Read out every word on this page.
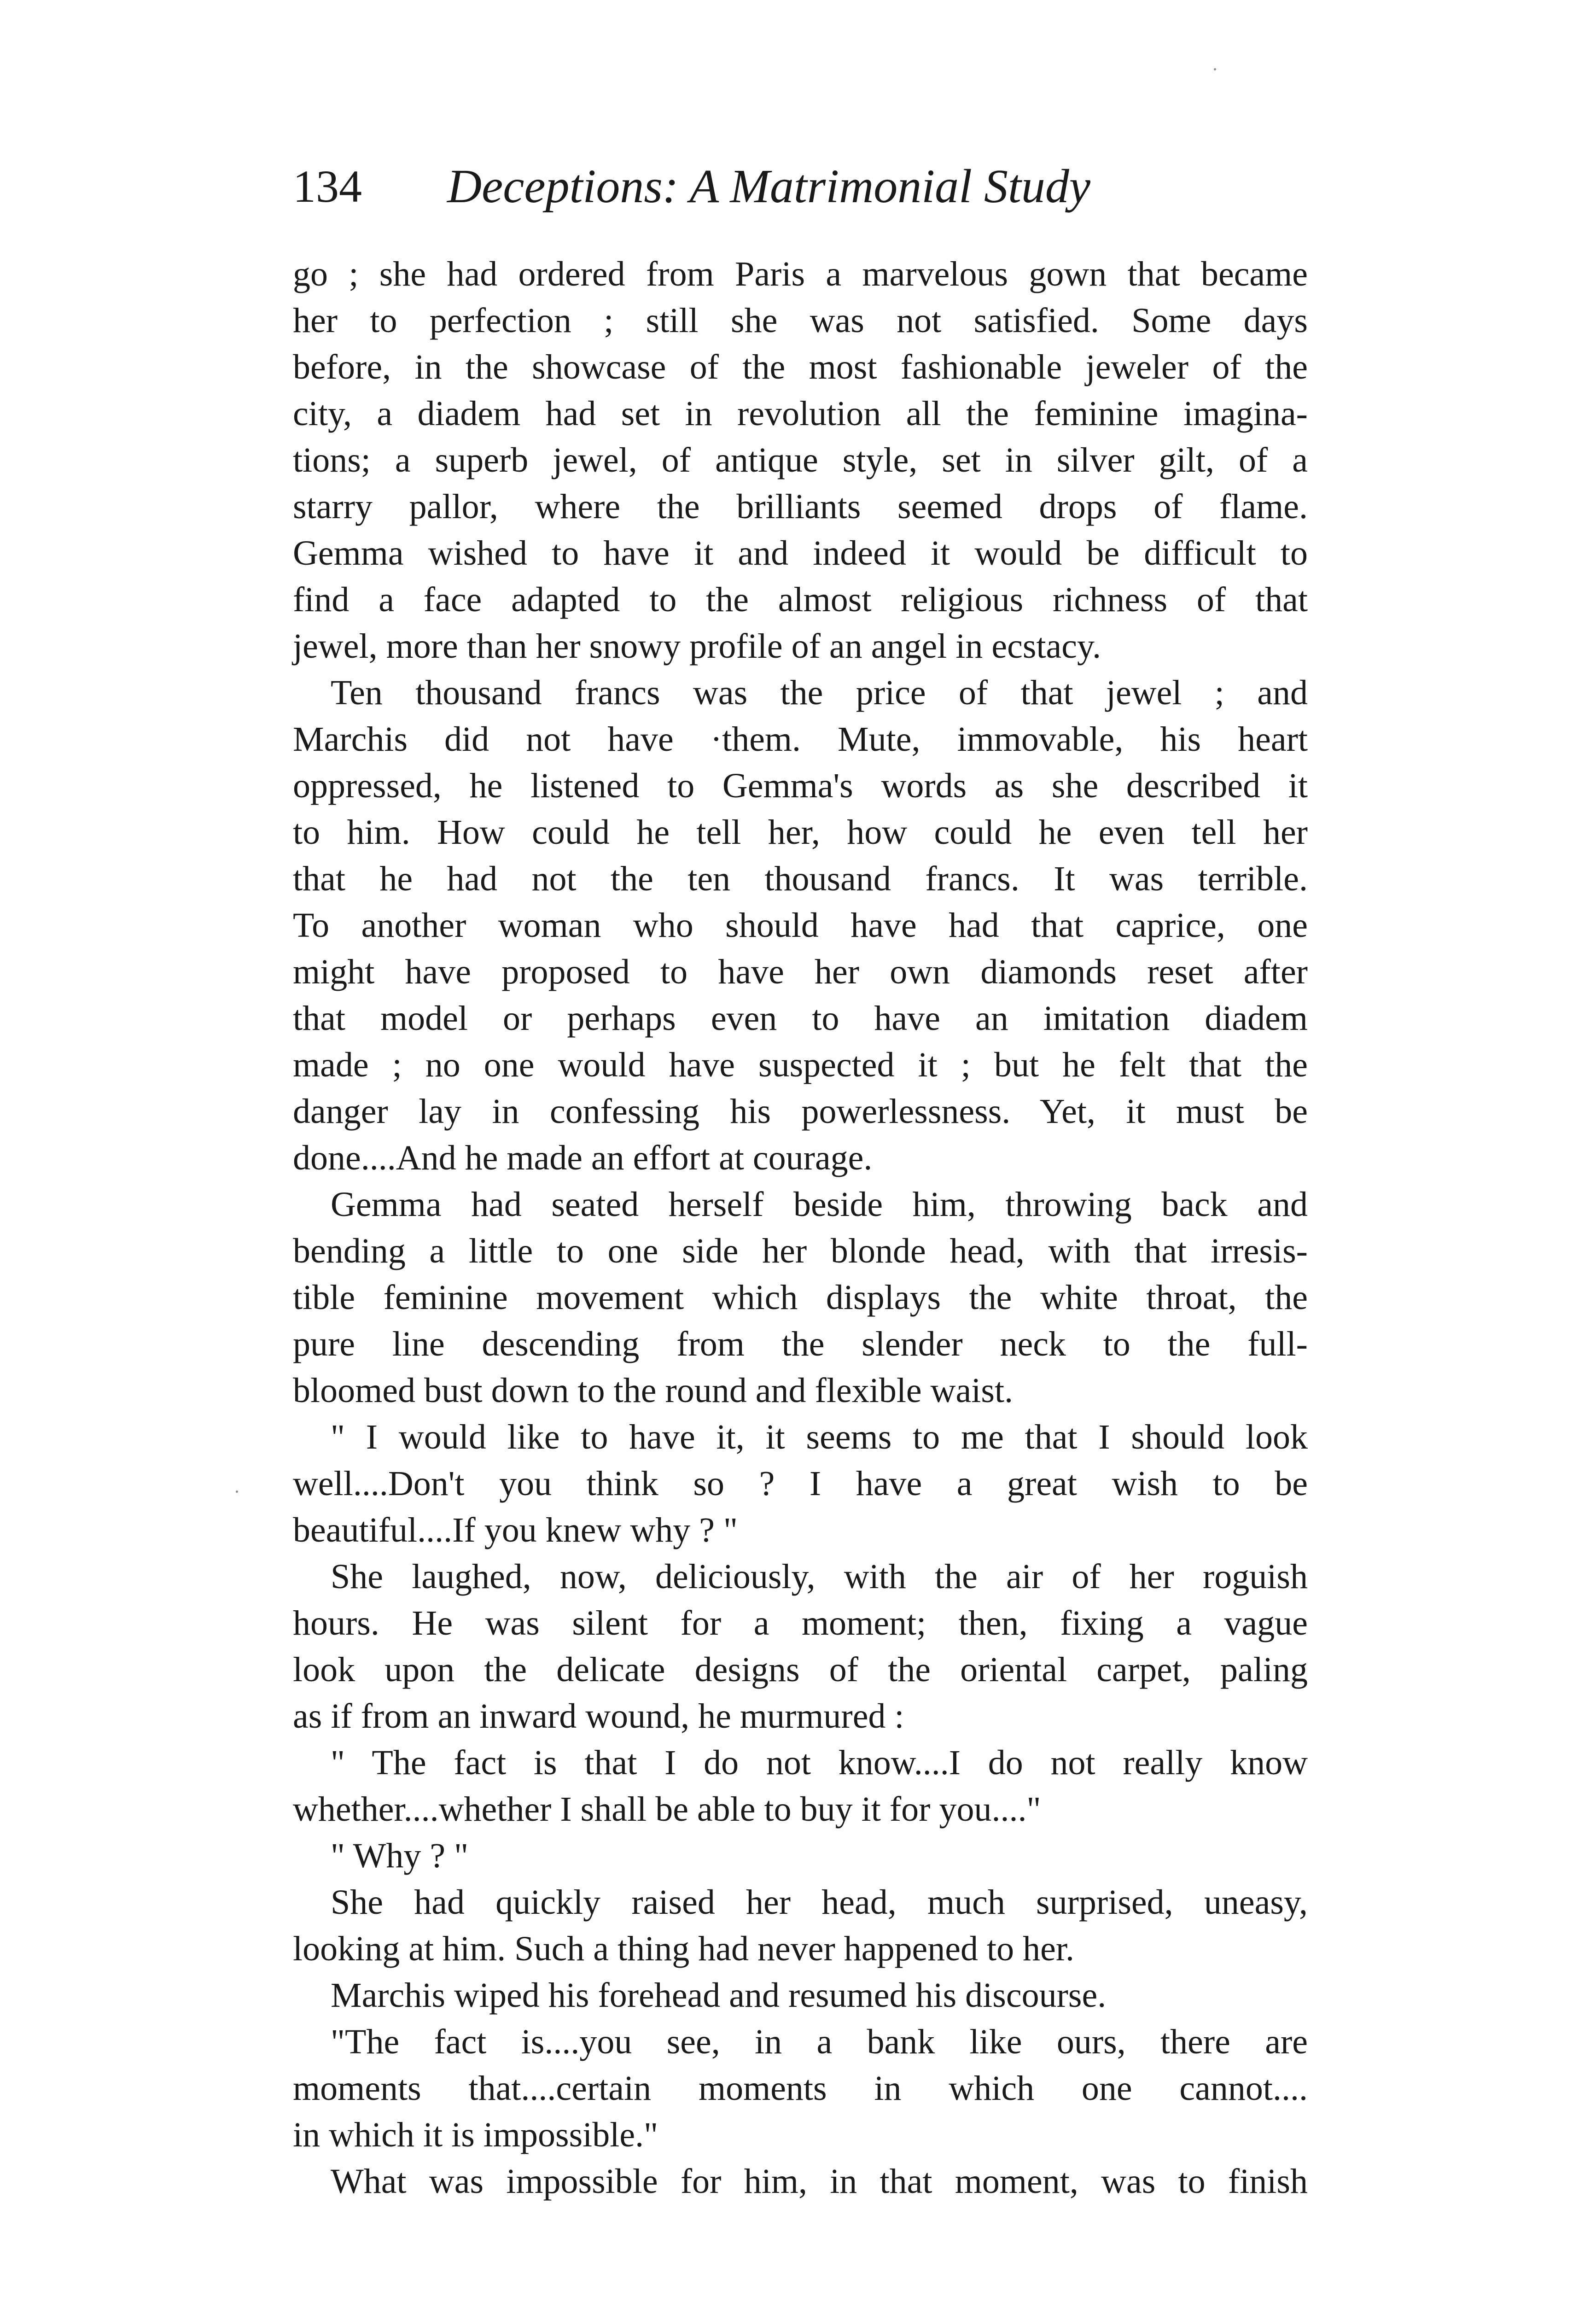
134 Deceptions: A Matrimonial Study
go ; she had ordered from Paris a marvelous gown that became
her to perfection ; still she was not satisfied. Some days
before, in the showcase of the most fashionable jeweler of the
city, a diadem had set in revolution all the feminine imagina-
tions; a superb jewel, of antique style, set in silver gilt, of a
starry pallor, where the brilliants seemed drops of flame.
Gemma wished to have it and indeed it would be difficult to
find a face adapted to the almost religious richness of that
jewel, more than her snowy profile of an angel in ecstacy.
Ten thousand francs was the price of that jewel ; and
Marchis did not have ·them. Mute, immovable, his heart
oppressed, he listened to Gemma's words as she described it
to him. How could he tell her, how could he even tell her
that he had not the ten thousand francs. It was terrible.
To another woman who should have had that caprice, one
might have proposed to have her own diamonds reset after
that model or perhaps even to have an imitation diadem
made ; no one would have suspected it ; but he felt that the
danger lay in confessing his powerlessness. Yet, it must be
done....And he made an effort at courage.
Gemma had seated herself beside him, throwing back and
bending a little to one side her blonde head, with that irresis-
tible feminine movement which displays the white throat, the
pure line descending from the slender neck to the full-
bloomed bust down to the round and flexible waist.
" I would like to have it, it seems to me that I should look
well....Don't you think so ? I have a great wish to be
beautiful....If you knew why ? "
She laughed, now, deliciously, with the air of her roguish
hours. He was silent for a moment; then, fixing a vague
look upon the delicate designs of the oriental carpet, paling
as if from an inward wound, he murmured :
" The fact is that I do not know....I do not really know
whether....whether I shall be able to buy it for you...."
" Why ? "
She had quickly raised her head, much surprised, uneasy,
looking at him. Such a thing had never happened to her.
Marchis wiped his forehead and resumed his discourse.
"The fact is....you see, in a bank like ours, there are
moments that....certain moments in which one cannot....
in which it is impossible."
What was impossible for him, in that moment, was to finish
